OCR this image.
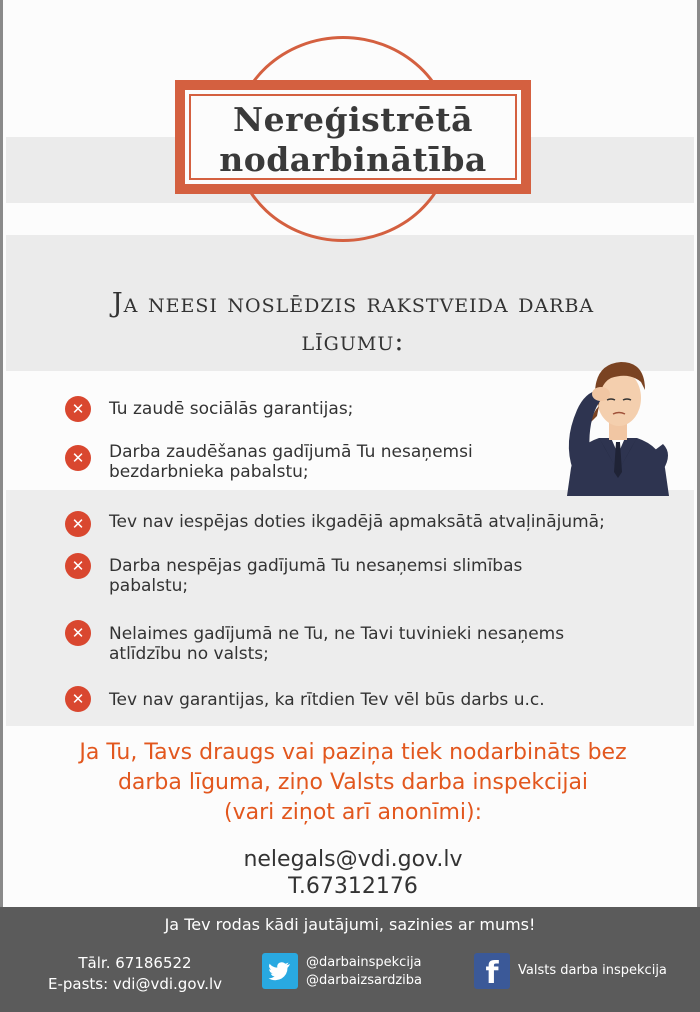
Nereģistrētā
nodarbinātība
Ja neesi noslēdzis rakstveida darba
līgumu:
✕	Tu zaudē sociālās garantijas;
✕	Darba zaudēšanas gadījumā Tu nesaņemsi
bezdarbnieka pabalstu;
✕	Tev nav iespējas doties ikgadējā apmaksātā atvaļinājumā;
✕	Darba nespējas gadījumā Tu nesaņemsi slimības
pabalstu;
✕	Nelaimes gadījumā ne Tu, ne Tavi tuvinieki nesaņems
atlīdzību no valsts;
✕	Tev nav garantijas, ka rītdien Tev vēl būs darbs u.c.
Ja Tu, Tavs draugs vai paziņa tiek nodarbināts bez
darba līguma, ziņo Valsts darba inspekcijai
(vari ziņot arī anonīmi):
nelegals@vdi.gov.lv
T.67312176
Ja Tev rodas kādi jautājumi, sazinies ar mums!
Tālr. 67186522
E-pasts: vdi@vdi.gov.lv
@darbainspekcija
@darbaizsardziba	f	Valsts darba inspekcija
